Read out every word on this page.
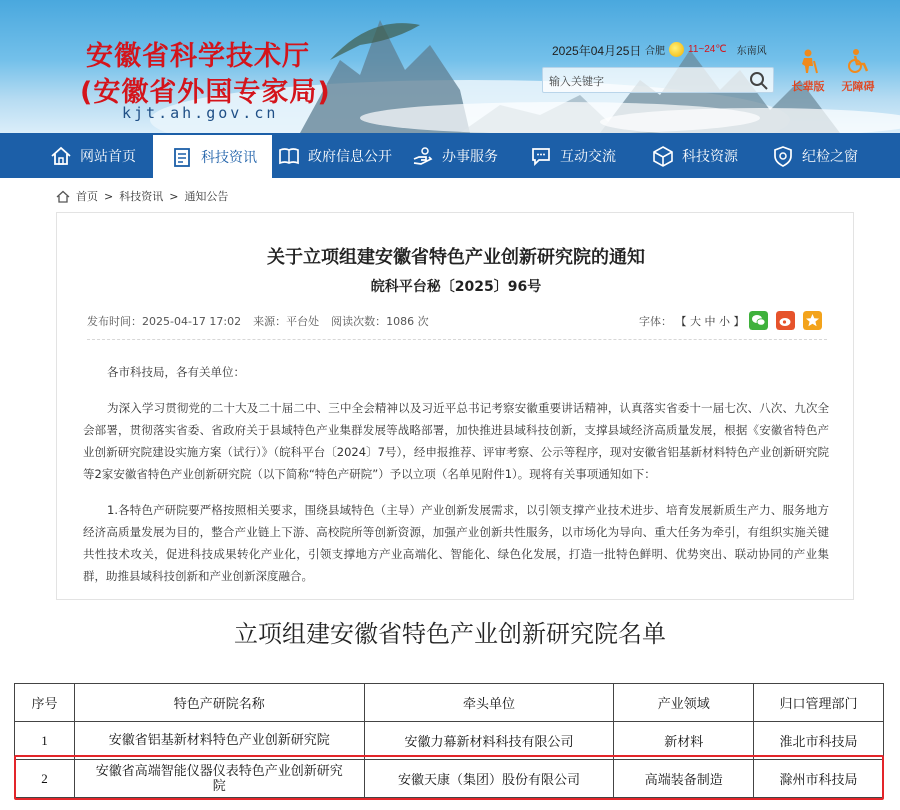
安徽省科学技术厅
(安徽省外国专家局)
kjt.ah.gov.cn
2025年04月25日 合肥 11~24℃ 东南风
输入关键字
长辈版	无障碍
网站首页	科技资讯	政府信息公开	办事服务	互动交流	科技资源	纪检之窗
首页 > 科技资讯 > 通知公告
关于立项组建安徽省特色产业创新研究院的通知
皖科平台秘〔2025〕96号
发布时间：2025-04-17 17:02 来源：平台处 阅读次数：1086 次	字体： 【 大 中 小 】
各市科技局，各有关单位：
为深入学习贯彻党的二十大及二十届二中、三中全会精神以及习近平总书记考察安徽重要讲话精神，认真落实省委十一届七次、八次、九次全会部署，贯彻落实省委、省政府关于县域特色产业集群发展等战略部署，加快推进县域科技创新，支撑县域经济高质量发展，根据《安徽省特色产业创新研究院建设实施方案（试行）》（皖科平台〔2024〕7号），经申报推荐、评审考察、公示等程序，现对安徽省铝基新材料特色产业创新研究院等2家安徽省特色产业创新研究院（以下简称“特色产研院”）予以立项（名单见附件1）。现将有关事项通知如下：
1.各特色产研院要严格按照相关要求，围绕县域特色（主导）产业创新发展需求，以引领支撑产业技术进步、培育发展新质生产力、服务地方经济高质量发展为目的，整合产业链上下游、高校院所等创新资源，加强产业创新共性服务，以市场化为导向、重大任务为牵引，有组织实施关键共性技术攻关，促进科技成果转化产业化，引领支撑地方产业高端化、智能化、绿色化发展，打造一批特色鲜明、优势突出、联动协同的产业集群，助推县域科技创新和产业创新深度融合。
立项组建安徽省特色产业创新研究院名单
序号	特色产研院名称	牵头单位	产业领域	归口管理部门
1	安徽省铝基新材料特色产业创新研究院	安徽力幕新材料科技有限公司	新材料	淮北市科技局
2	安徽省高端智能仪器仪表特色产业创新研究院	安徽天康（集团）股份有限公司	高端装备制造	滁州市科技局
